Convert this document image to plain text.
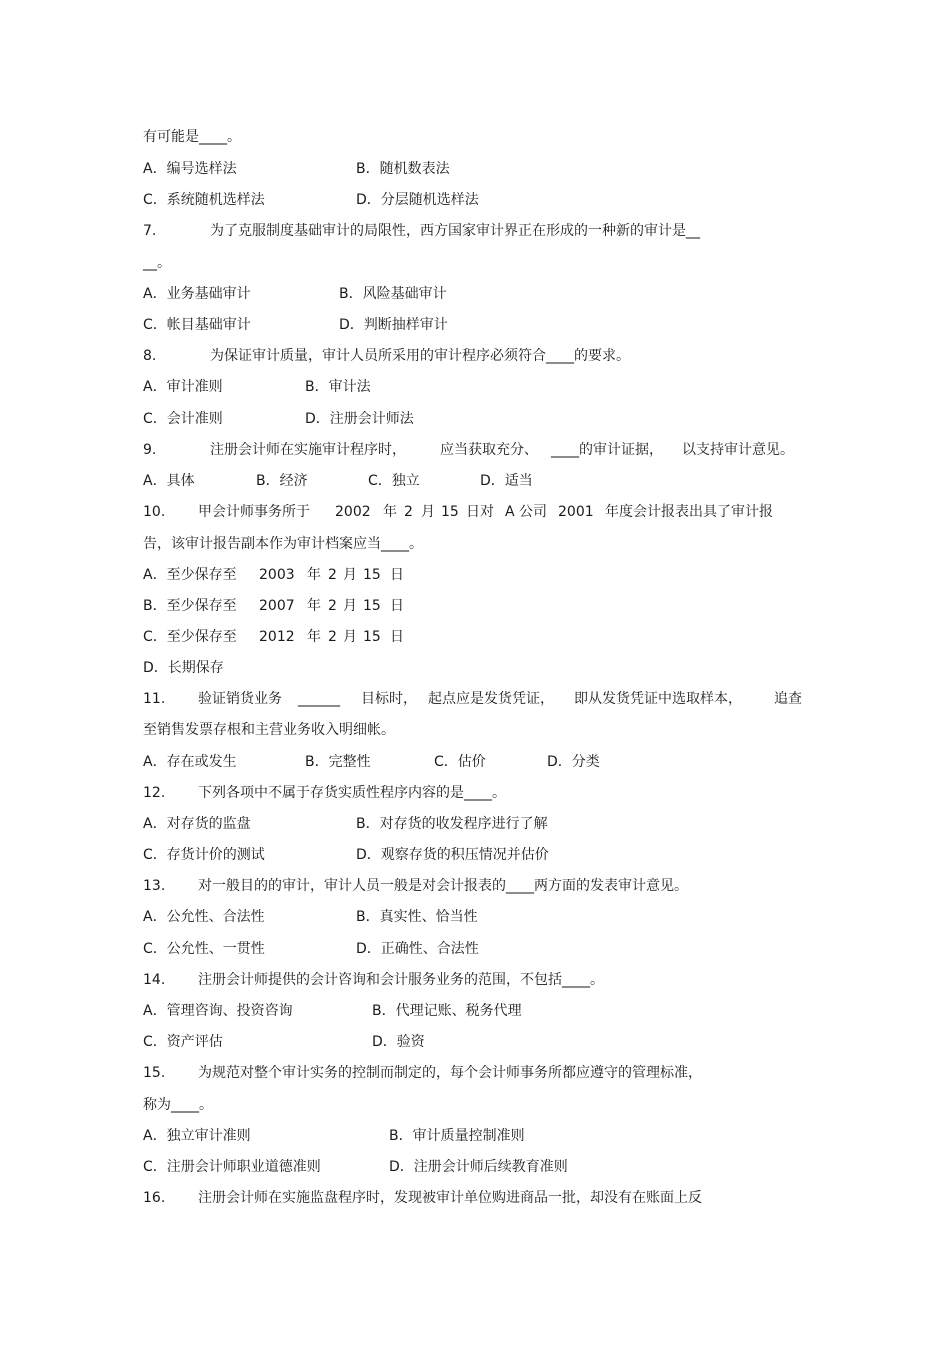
有可能是____。
A．编号选样法	B．随机数表法
C．系统随机选样法	D．分层随机选样法
7.	为了克服制度基础审计的局限性，西方国家审计界正在形成的一种新的审计是__
__。
A．业务基础审计	B．风险基础审计
C．帐目基础审计	D．判断抽样审计
8.	为保证审计质量，审计人员所采用的审计程序必须符合____的要求。
A．审计准则	B．审计法
C．会计准则	D．注册会计师法
9.	注册会计师在实施审计程序时， 应当获取充分、 ____的审计证据， 以支持审计意见。
A．具体	B．经济	C．独立	D．适当
10. 甲会计师事务所于 2002 年 2 月 15 日对 A 公司 2001 年度会计报表出具了审计报
告，该审计报告副本作为审计档案应当____。
A．至少保存至 2003 年 2 月 15 日
B．至少保存至 2007 年 2 月 15 日
C．至少保存至 2012 年 2 月 15 日
D．长期保存
11. 验证销货业务 ______ 目标时， 起点应是发货凭证， 即从发货凭证中选取样本， 追查
至销售发票存根和主营业务收入明细帐。
A．存在或发生	B．完整性	C．估价	D．分类
12. 下列各项中不属于存货实质性程序内容的是____。
A．对存货的监盘	B．对存货的收发程序进行了解
C．存货计价的测试	D．观察存货的积压情况并估价
13. 对一般目的的审计，审计人员一般是对会计报表的____两方面的发表审计意见。
A．公允性、合法性	B．真实性、恰当性
C．公允性、一贯性	D．正确性、合法性
14. 注册会计师提供的会计咨询和会计服务业务的范围，不包括____。
A．管理咨询、投资咨询	B．代理记账、税务代理
C．资产评估	D．验资
15. 为规范对整个审计实务的控制而制定的，每个会计师事务所都应遵守的管理标准，
称为____。
A．独立审计准则	B．审计质量控制准则
C．注册会计师职业道德准则	D．注册会计师后续教育准则
16. 注册会计师在实施监盘程序时，发现被审计单位购进商品一批，却没有在账面上反
